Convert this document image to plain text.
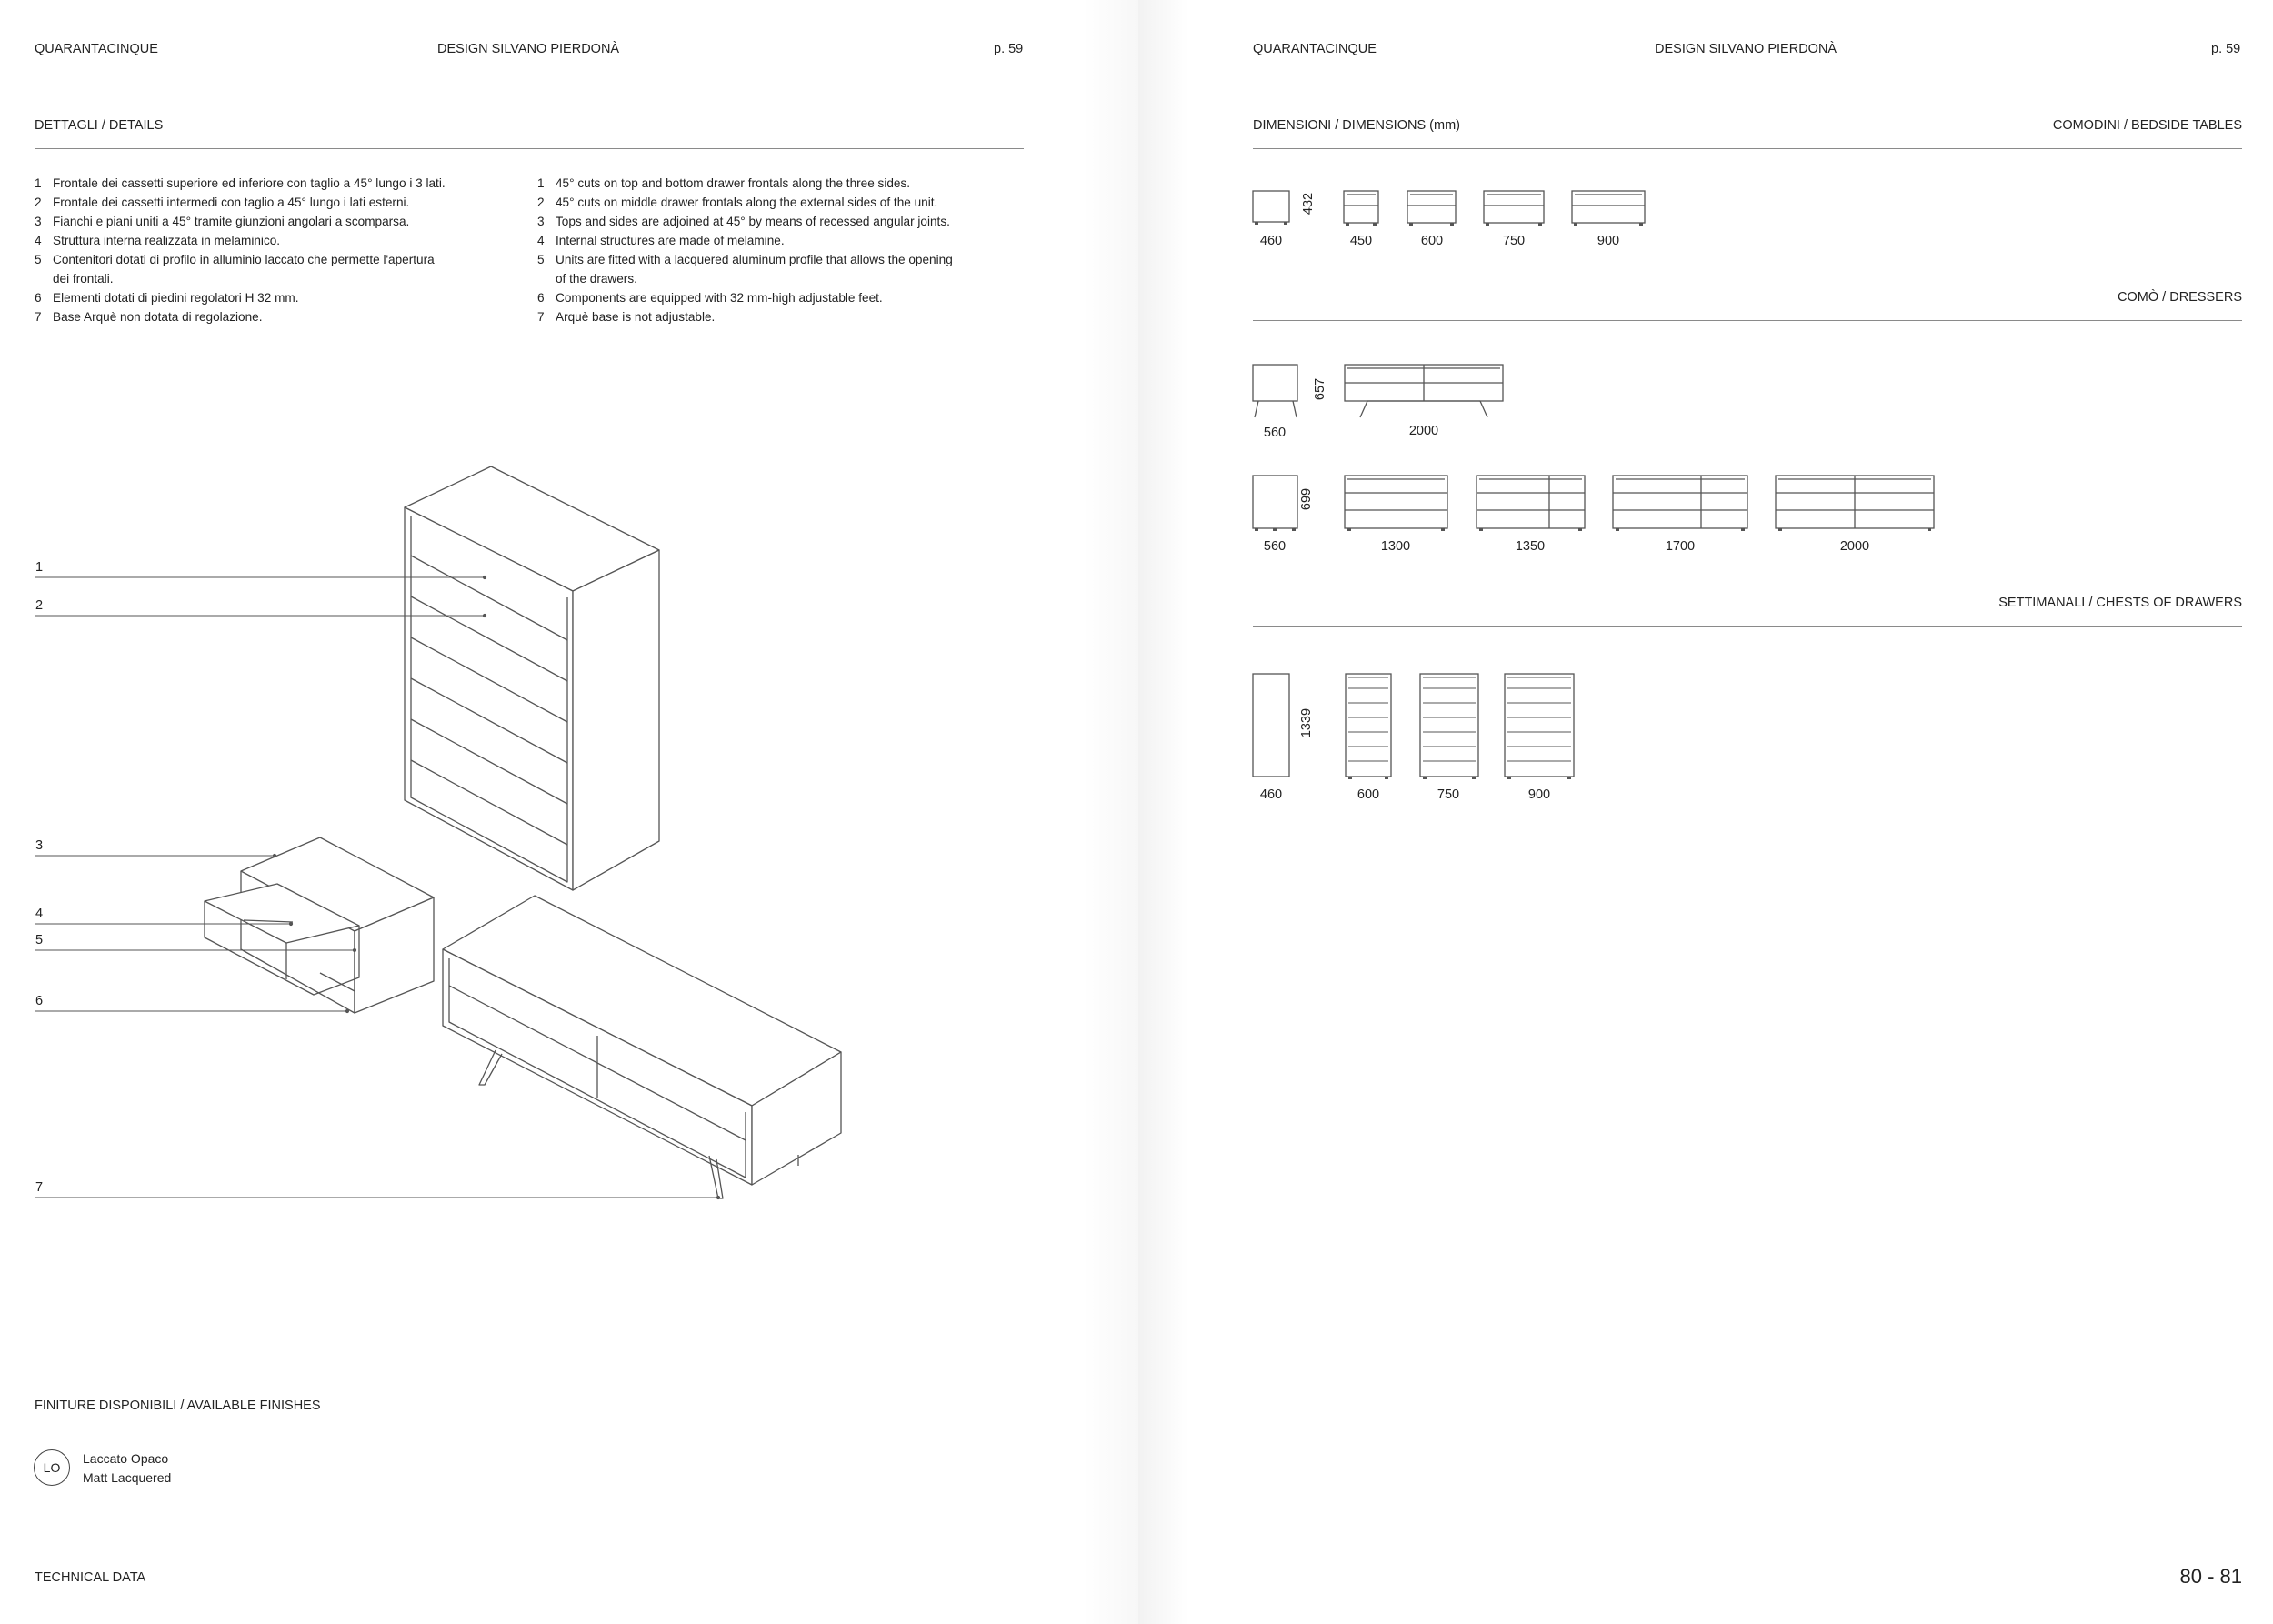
QUARANTACINQUE	DESIGN SILVANO PIERDONÀ	p. 59
DETTAGLI / DETAILS
1 Frontale dei cassetti superiore ed inferiore con taglio a 45° lungo i 3 lati.
2 Frontale dei cassetti intermedi con taglio a 45° lungo i lati esterni.
3 Fianchi e piani uniti a 45° tramite giunzioni angolari a scomparsa.
4 Struttura interna realizzata in melaminico.
5 Contenitori dotati di profilo in alluminio laccato che permette l'apertura
dei frontali.
6 Elementi dotati di piedini regolatori H 32 mm.
7 Base Arquè non dotata di regolazione.
1 45° cuts on top and bottom drawer frontals along the three sides.
2 45° cuts on middle drawer frontals along the external sides of the unit.
3 Tops and sides are adjoined at 45° by means of recessed angular joints.
4 Internal structures are made of melamine.
5 Units are fitted with a lacquered aluminum profile that allows the opening
of the drawers.
6 Components are equipped with 32 mm-high adjustable feet.
7 Arquè base is not adjustable.
1
2
3
4
5
6
7
FINITURE DISPONIBILI / AVAILABLE FINISHES
LO
Laccato Opaco
Matt Lacquered
TECHNICAL DATA
QUARANTACINQUE	DESIGN SILVANO PIERDONÀ	p. 59
DIMENSIONI / DIMENSIONS (mm)	COMODINI / BEDSIDE TABLES
COMÒ / DRESSERS
SETTIMANALI / CHESTS OF DRAWERS
432
657
699
1339
460	450	600	750	900
560	2000
560	1300	1350	1700	2000
460	600	750	900
80 - 81
